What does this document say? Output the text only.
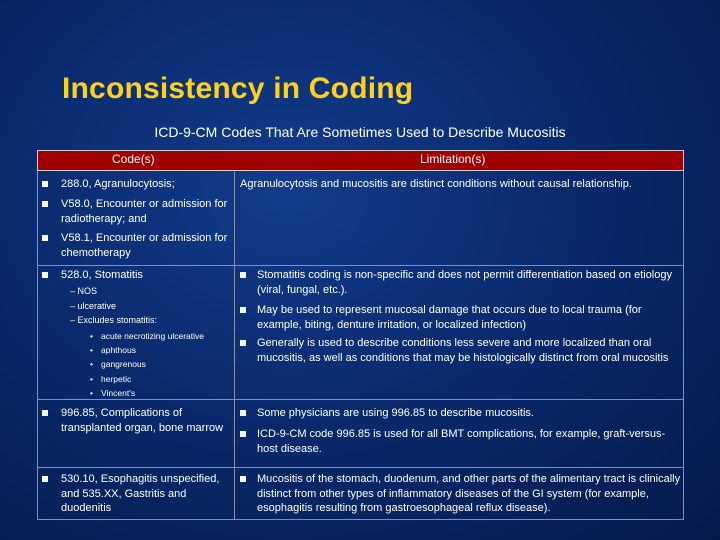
Inconsistency in Coding
ICD-9-CM Codes That Are Sometimes Used to Describe Mucositis
Code(s)	Limitation(s)
288.0, Agranulocytosis;
V58.0, Encounter or admission for radiotherapy; and
V58.1, Encounter or admission for chemotherapy
Agranulocytosis and mucositis are distinct conditions without causal relationship.
528.0, Stomatitis
– NOS
– ulcerative
– Excludes stomatitis:
• acute necrotizing ulcerative
• aphthous
• gangrenous
• herpetic
• Vincent's
Stomatitis coding is non-specific and does not permit differentiation based on etiology (viral, fungal, etc.).
May be used to represent mucosal damage that occurs due to local trauma (for example, biting, denture irritation, or localized infection)
Generally is used to describe conditions less severe and more localized than oral mucositis, as well as conditions that may be histologically distinct from oral mucositis
996.85, Complications of transplanted organ, bone marrow
Some physicians are using 996.85 to describe mucositis.
ICD-9-CM code 996.85 is used for all BMT complications, for example, graft-versus-host disease.
530.10, Esophagitis unspecified, and 535.XX, Gastritis and duodenitis
Mucositis of the stomach, duodenum, and other parts of the alimentary tract is clinically distinct from other types of inflammatory diseases of the GI system (for example, esophagitis resulting from gastroesophageal reflux disease).
